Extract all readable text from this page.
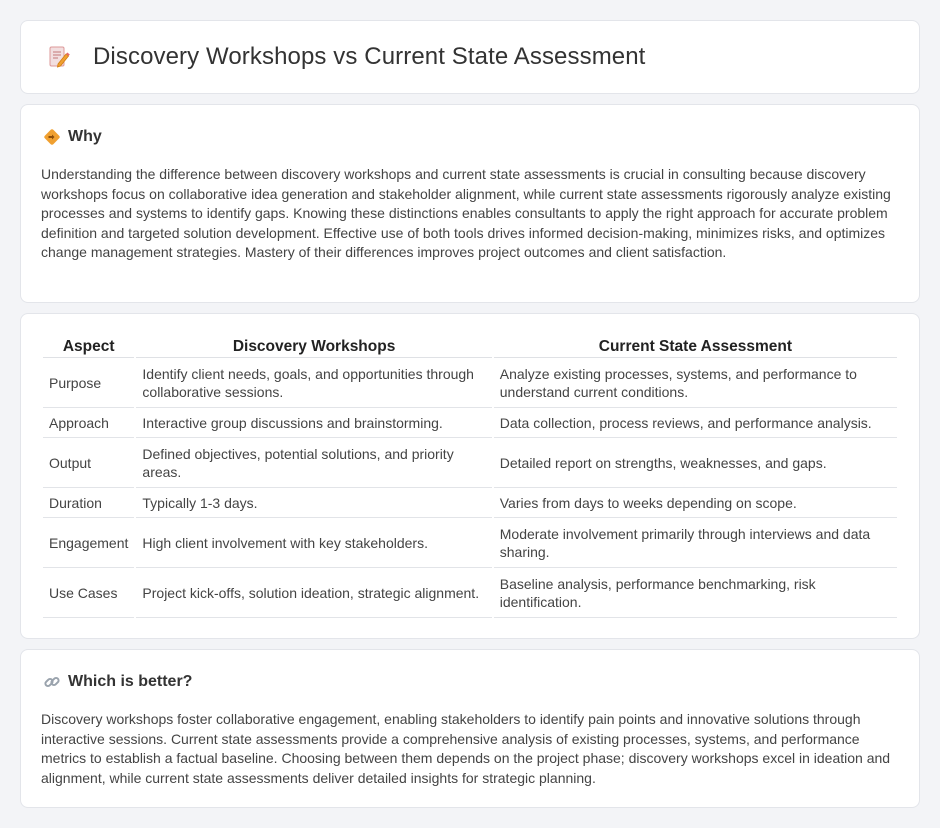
Discovery Workshops vs Current State Assessment
Why

Understanding the difference between discovery workshops and current state assessments is crucial in consulting because discovery workshops focus on collaborative idea generation and stakeholder alignment, while current state assessments rigorously analyze existing processes and systems to identify gaps. Knowing these distinctions enables consultants to apply the right approach for accurate problem definition and targeted solution development. Effective use of both tools drives informed decision-making, minimizes risks, and optimizes change management strategies. Mastery of their differences improves project outcomes and client satisfaction.

Aspect	Discovery Workshops	Current State Assessment
Purpose	Identify client needs, goals, and opportunities through collaborative sessions.	Analyze existing processes, systems, and performance to understand current conditions.
Approach	Interactive group discussions and brainstorming.	Data collection, process reviews, and performance analysis.
Output	Defined objectives, potential solutions, and priority areas.	Detailed report on strengths, weaknesses, and gaps.
Duration	Typically 1-3 days.	Varies from days to weeks depending on scope.
Engagement	High client involvement with key stakeholders.	Moderate involvement primarily through interviews and data sharing.
Use Cases	Project kick-offs, solution ideation, strategic alignment.	Baseline analysis, performance benchmarking, risk identification.
Which is better?

Discovery workshops foster collaborative engagement, enabling stakeholders to identify pain points and innovative solutions through interactive sessions. Current state assessments provide a comprehensive analysis of existing processes, systems, and performance metrics to establish a factual baseline. Choosing between them depends on the project phase; discovery workshops excel in ideation and alignment, while current state assessments deliver detailed insights for strategic planning.
